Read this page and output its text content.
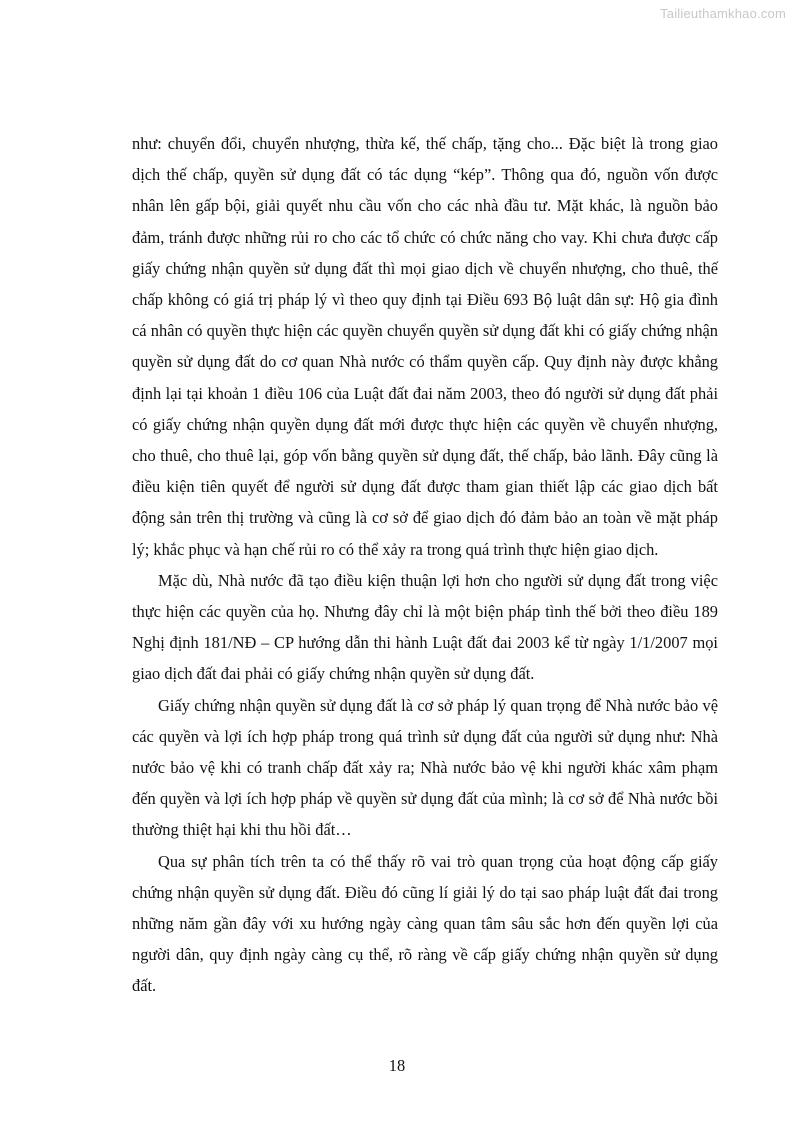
Tailieuthamkhao.com

như: chuyển đổi, chuyển nhượng, thừa kế, thế chấp, tặng cho... Đặc biệt là trong giao dịch thế chấp, quyền sử dụng đất có tác dụng “kép”. Thông qua đó, nguồn vốn được nhân lên gấp bội, giải quyết nhu cầu vốn cho các nhà đầu tư. Mặt khác, là nguồn bảo đảm, tránh được những rủi ro cho các tổ chức có chức năng cho vay. Khi chưa được cấp giấy chứng nhận quyền sử dụng đất thì mọi giao dịch về chuyển nhượng, cho thuê, thế chấp không có giá trị pháp lý vì theo quy định tại Điều 693 Bộ luật dân sự: Hộ gia đình cá nhân có quyền thực hiện các quyền chuyển quyền sử dụng đất khi có giấy chứng nhận quyền sử dụng đất do cơ quan Nhà nước có thẩm quyền cấp. Quy định này được khẳng định lại tại khoản 1 điều 106 của Luật đất đai năm 2003, theo đó người sử dụng đất phải có giấy chứng nhận quyền dụng đất mới được thực hiện các quyền về chuyển nhượng, cho thuê, cho thuê lại, góp vốn bằng quyền sử dụng đất, thế chấp, bảo lãnh. Đây cũng là điều kiện tiên quyết để người sử dụng đất được tham gian thiết lập các giao dịch bất động sản trên thị trường và cũng là cơ sở để giao dịch đó đảm bảo an toàn về mặt pháp lý; khắc phục và hạn chế rủi ro có thể xảy ra trong quá trình thực hiện giao dịch.

Mặc dù, Nhà nước đã tạo điều kiện thuận lợi hơn cho người sử dụng đất trong việc thực hiện các quyền của họ. Nhưng đây chỉ là một biện pháp tình thế bởi theo điều 189 Nghị định 181/NĐ – CP hướng dẫn thi hành Luật đất đai 2003 kể từ ngày 1/1/2007 mọi giao dịch đất đai phải có giấy chứng nhận quyền sử dụng đất.

Giấy chứng nhận quyền sử dụng đất là cơ sở pháp lý quan trọng để Nhà nước bảo vệ các quyền và lợi ích hợp pháp trong quá trình sử dụng đất của người sử dụng như: Nhà nước bảo vệ khi có tranh chấp đất xảy ra; Nhà nước bảo vệ khi người khác xâm phạm đến quyền và lợi ích hợp pháp về quyền sử dụng đất của mình; là cơ sở để Nhà nước bồi thường thiệt hại khi thu hồi đất…

Qua sự phân tích trên ta có thể thấy rõ vai trò quan trọng của hoạt động cấp giấy chứng nhận quyền sử dụng đất. Điều đó cũng lí giải lý do tại sao pháp luật đất đai trong những năm gần đây với xu hướng ngày càng quan tâm sâu sắc hơn đến quyền lợi của người dân, quy định ngày càng cụ thể, rõ ràng về cấp giấy chứng nhận quyền sử dụng đất.

18
